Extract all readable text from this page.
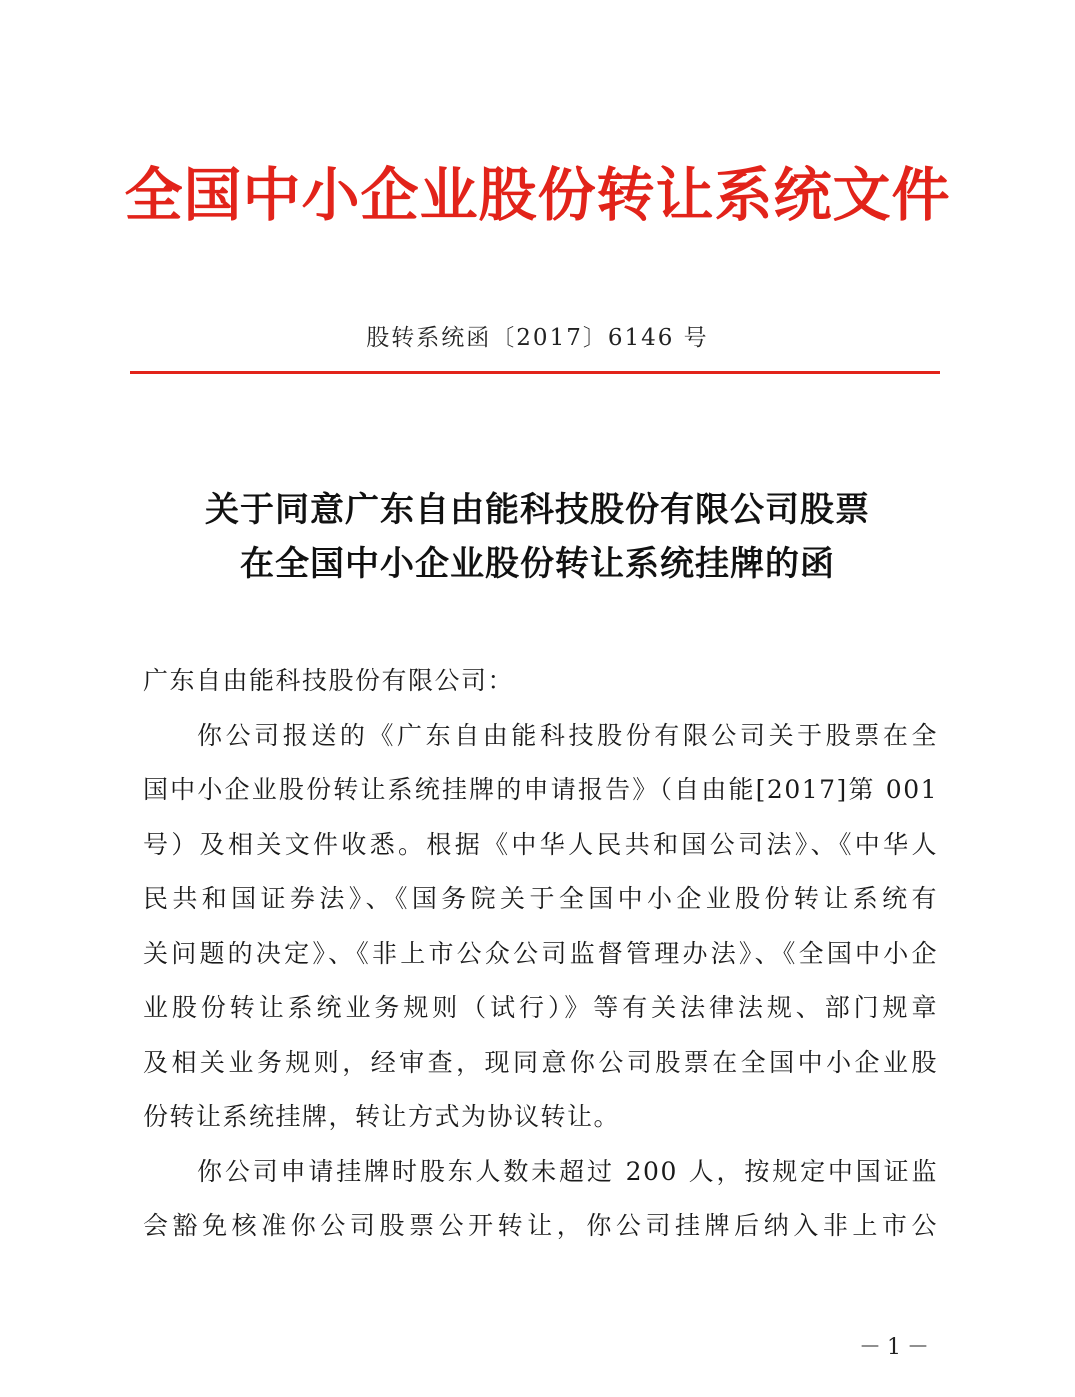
全国中小企业股份转让系统文件
股转系统函〔2017〕6146 号
关于同意广东自由能科技股份有限公司股票
在全国中小企业股份转让系统挂牌的函
广东自由能科技股份有限公司：
你公司报送的《广东自由能科技股份有限公司关于股票在全
国中小企业股份转让系统挂牌的申请报告》（自由能[2017]第 001
号）及相关文件收悉。根据《中华人民共和国公司法》、《中华人
民共和国证券法》、《国务院关于全国中小企业股份转让系统有
关问题的决定》、《非上市公众公司监督管理办法》、《全国中小企
业股份转让系统业务规则（试行）》等有关法律法规、部门规章
及相关业务规则，经审查，现同意你公司股票在全国中小企业股
份转让系统挂牌，转让方式为协议转让。
你公司申请挂牌时股东人数未超过 200 人，按规定中国证监
会豁免核准你公司股票公开转让，你公司挂牌后纳入非上市公
－1－
